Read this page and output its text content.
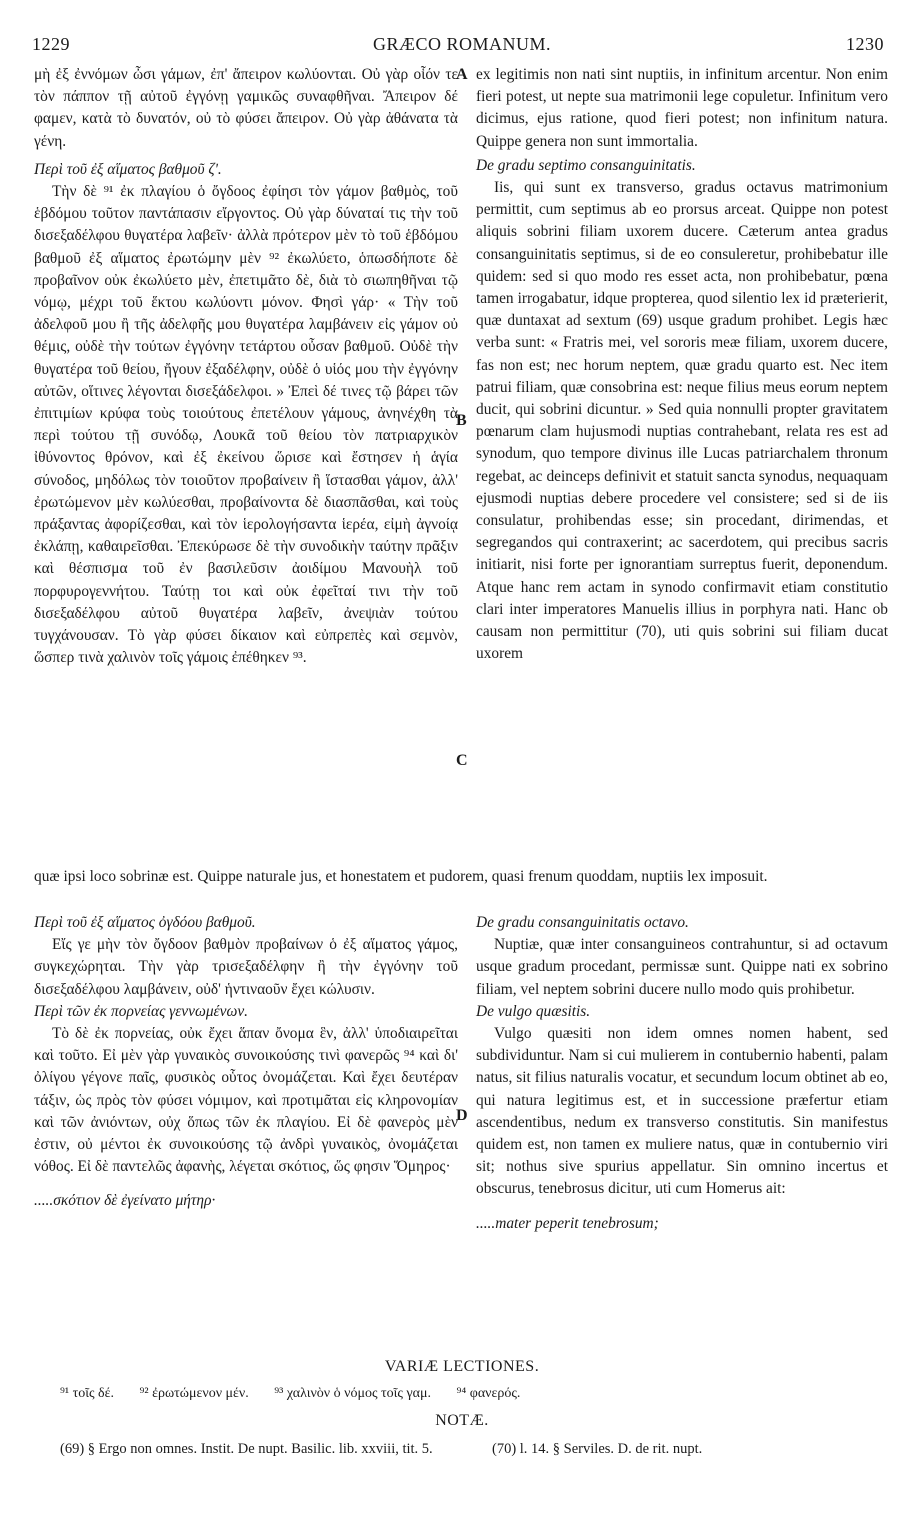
1229	GRÆCO ROMANUM.	1230

μὴ ἐξ ἐννόμων ὦσι γάμων, ἐπ' ἄπειρον κωλύονται. Οὐ γὰρ οἷόν τε τὸν πάππον τῇ αὐτοῦ ἐγγόνῃ γαμικῶς συναφθῆναι. Ἄπειρον δέ φαμεν, κατὰ τὸ δυνατόν, οὐ τὸ φύσει ἄπειρον. Οὐ γὰρ ἀθάνατα τὰ γένη.

Περὶ τοῦ ἐξ αἵματος βαθμοῦ ζʹ.

Τὴν δὲ ⁹¹ ἐκ πλαγίου ὁ ὄγδοος ἐφίησι τὸν γάμον βαθμὸς, τοῦ ἑβδόμου τοῦτον παντάπασιν εἴργοντος. Οὐ γὰρ δύναταί τις τὴν τοῦ δισεξαδέλφου θυγατέρα λαβεῖν· ἀλλὰ πρότερον μὲν τὸ τοῦ ἑβδόμου βαθμοῦ ἐξ αἵματος ἐρωτώμην μὲν ⁹² ἐκωλύετο, ὁπωσδήποτε δὲ προβαῖνον οὐκ ἐκωλύετο μὲν, ἐπετιμᾶτο δὲ, διὰ τὸ σιωπηθῆναι τῷ νόμῳ, μέχρι τοῦ ἕκτου κωλύοντι μόνον. Φησὶ γάρ· « Τὴν τοῦ ἀδελφοῦ μου ἢ τῆς ἀδελφῆς μου θυγατέρα λαμβάνειν εἰς γάμον οὐ θέμις, οὐδὲ τὴν τούτων ἐγγόνην τετάρτου οὖσαν βαθμοῦ. Οὐδὲ τὴν θυγατέρα τοῦ θείου, ἤγουν ἐξαδέλφην, οὐδὲ ὁ υἱός μου τὴν ἐγγόνην αὐτῶν, οἵτινες λέγονται δισεξάδελφοι. » Ἐπεὶ δέ τινες τῷ βάρει τῶν ἐπιτιμίων κρύφα τοὺς τοιούτους ἐπετέλουν γάμους, ἀνηνέχθη τὰ περὶ τούτου τῇ συνόδῳ, Λουκᾶ τοῦ θείου τὸν πατριαρχικὸν ἰθύνοντος θρόνον, καὶ ἐξ ἐκείνου ὥρισε καὶ ἔστησεν ἡ ἁγία σύνοδος, μηδόλως τὸν τοιοῦτον προβαίνειν ἢ ἵστασθαι γάμον, ἀλλ' ἐρωτώμενον μὲν κωλύεσθαι, προβαίνοντα δὲ διασπᾶσθαι, καὶ τοὺς πράξαντας ἀφορίζεσθαι, καὶ τὸν ἱερολογήσαντα ἱερέα, εἰμὴ ἀγνοίᾳ ἐκλάπῃ, καθαιρεῖσθαι. Ἐπεκύρωσε δὲ τὴν συνοδικὴν ταύτην πρᾶξιν καὶ θέσπισμα τοῦ ἐν βασιλεῦσιν ἀοιδίμου Μανουὴλ τοῦ πορφυρογεννήτου. Ταύτῃ τοι καὶ οὐκ ἐφεῖταί τινι τὴν τοῦ δισεξαδέλφου αὐτοῦ θυγατέρα λαβεῖν, ἀνεψιὰν τούτου τυγχάνουσαν. Τὸ γὰρ φύσει δίκαιον καὶ εὐπρεπὲς καὶ σεμνὸν, ὥσπερ τινὰ χαλινὸν τοῖς γάμοις ἐπέθηκεν ⁹³.

ex legitimis non nati sint nuptiis, in infinitum arcentur. Non enim fieri potest, ut nepte sua matrimonii lege copuletur. Infinitum vero dicimus, ejus ratione, quod fieri potest; non infinitum natura. Quippe genera non sunt immortalia.

De gradu septimo consanguinitatis.

Iis, qui sunt ex transverso, gradus octavus matrimonium permittit, cum septimus ab eo prorsus arceat. Quippe non potest aliquis sobrini filiam uxorem ducere. Cæterum antea gradus consanguinitatis septimus, si de eo consuleretur, prohibebatur ille quidem: sed si quo modo res esset acta, non prohibebatur, pœna tamen irrogabatur, idque propterea, quod silentio lex id præterierit, quæ duntaxat ad sextum (69) usque gradum prohibet. Legis hæc verba sunt: « Fratris mei, vel sororis meæ filiam, uxorem ducere, fas non est; nec horum neptem, quæ gradu quarto est. Nec item patrui filiam, quæ consobrina est: neque filius meus eorum neptem ducit, qui sobrini dicuntur. » Sed quia nonnulli propter gravitatem pœnarum clam hujusmodi nuptias contrahebant, relata res est ad synodum, quo tempore divinus ille Lucas patriarchalem thronum regebat, ac deinceps definivit et statuit sancta synodus, nequaquam ejusmodi nuptias debere procedere vel consistere; sed si de iis consulatur, prohibendas esse; sin procedant, dirimendas, et segregandos qui contraxerint; ac sacerdotem, qui precibus sacris initiarit, nisi forte per ignorantiam surreptus fuerit, deponendum. Atque hanc rem actam in synodo confirmavit etiam constitutio clari inter imperatores Manuelis illius in porphyra nati. Hanc ob causam non permittitur (70), uti quis sobrini sui filiam ducat uxorem

A
B
C
D

quæ ipsi loco sobrinæ est. Quippe naturale jus, et honestatem et pudorem, quasi frenum quoddam, nuptiis lex imposuit.

Περὶ τοῦ ἐξ αἵματος ὀγδόου βαθμοῦ.

Εἴς γε μὴν τὸν ὄγδοον βαθμὸν προβαίνων ὁ ἐξ αἵματος γάμος, συγκεχώρηται. Τὴν γὰρ τρισεξαδέλφην ἢ τὴν ἐγγόνην τοῦ δισεξαδέλφου λαμβάνειν, οὐδ' ἡντιναοῦν ἔχει κώλυσιν.

Περὶ τῶν ἐκ πορνείας γεννωμένων.

Τὸ δὲ ἐκ πορνείας, οὐκ ἔχει ἅπαν ὄνομα ἓν, ἀλλ' ὑποδιαιρεῖται καὶ τοῦτο. Εἰ μὲν γὰρ γυναικὸς συνοικούσης τινὶ φανερῶς ⁹⁴ καὶ δι' ὀλίγου γέγονε παῖς, φυσικὸς οὗτος ὀνομάζεται. Καὶ ἔχει δευτέραν τάξιν, ὡς πρὸς τὸν φύσει νόμιμον, καὶ προτιμᾶται εἰς κληρονομίαν καὶ τῶν ἀνιόντων, οὐχ ὅπως τῶν ἐκ πλαγίου. Εἰ δὲ φανερὸς μὲν ἐστιν, οὐ μέντοι ἐκ συνοικούσης τῷ ἀνδρὶ γυναικὸς, ὀνομάζεται νόθος. Εἰ δὲ παντελῶς ἀφανὴς, λέγεται σκότιος, ὥς φησιν Ὅμηρος·

.....σκότιον δὲ ἐγείνατο μήτηρ·

De gradu consanguinitatis octavo.

Nuptiæ, quæ inter consanguineos contrahuntur, si ad octavum usque gradum procedant, permissæ sunt. Quippe nati ex sobrino filiam, vel neptem sobrini ducere nullo modo quis prohibetur.

De vulgo quæsitis.

Vulgo quæsiti non idem omnes nomen habent, sed subdividuntur. Nam si cui mulierem in contubernio habenti, palam natus, sit filius naturalis vocatur, et secundum locum obtinet ab eo, qui natura legitimus est, et in successione præfertur etiam ascendentibus, nedum ex transverso constitutis. Sin manifestus quidem est, non tamen ex muliere natus, quæ in contubernio viri sit; nothus sive spurius appellatur. Sin omnino incertus et obscurus, tenebrosus dicitur, uti cum Homerus ait:

.....mater peperit tenebrosum;

VARIÆ LECTIONES.
⁹¹ τοῖς δέ. ⁹² ἐρωτώμενον μέν. ⁹³ χαλινὸν ὁ νόμος τοῖς γαμ. ⁹⁴ φανερός.
NOTÆ.
(69) § Ergo non omnes. Instit. De nupt. Basilic. lib. xxviii, tit. 5.	(70) l. 14. § Serviles. D. de rit. nupt.
